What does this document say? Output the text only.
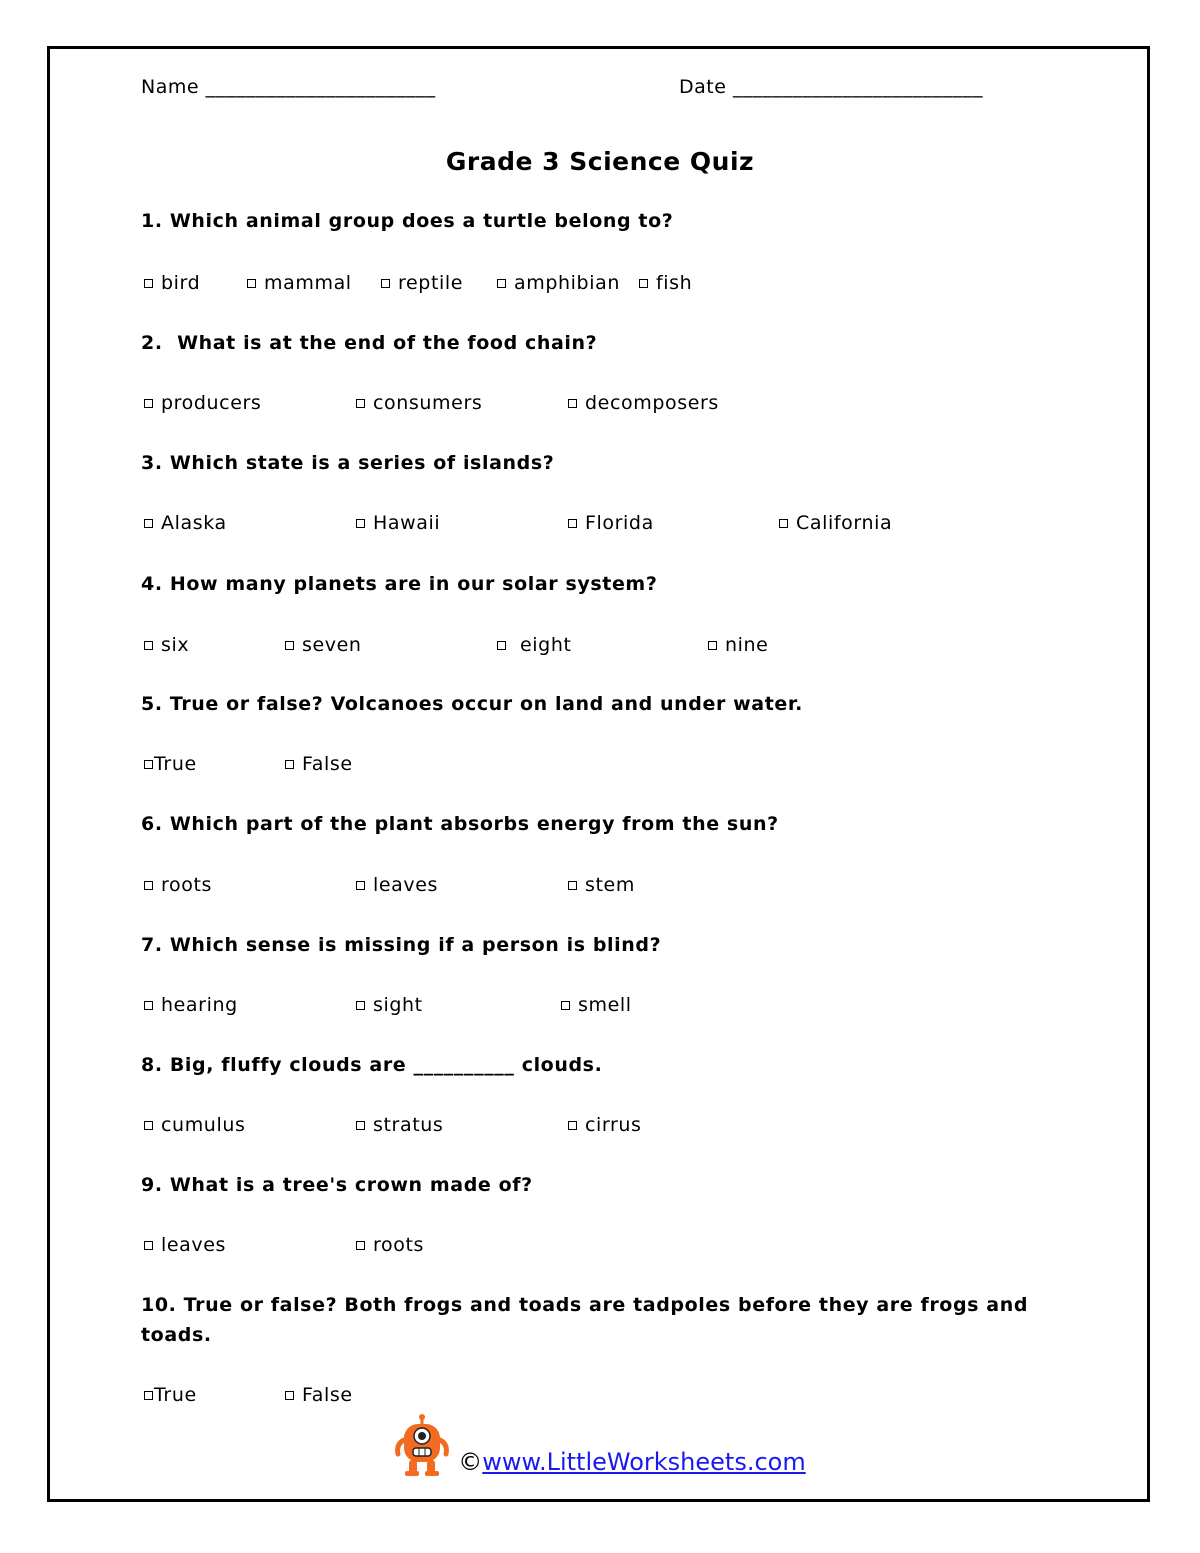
Name _______________________	Date _________________________
Grade 3 Science Quiz
1. Which animal group does a turtle belong to?
bird	mammal	reptile	amphibian	fish
2.  What is at the end of the food chain?
producers	consumers	decomposers
3. Which state is a series of islands?
Alaska	Hawaii	Florida	California
4. How many planets are in our solar system?
six	seven	eight	nine
5. True or false? Volcanoes occur on land and under water.
True	False
6. Which part of the plant absorbs energy from the sun?
roots	leaves	stem
7. Which sense is missing if a person is blind?
hearing	sight	smell
8. Big, fluffy clouds are __________ clouds.
cumulus	stratus	cirrus
9. What is a tree's crown made of?
leaves	roots
10. True or false? Both frogs and toads are tadpoles before they are frogs and
toads.
True	False
©www.LittleWorksheets.com
